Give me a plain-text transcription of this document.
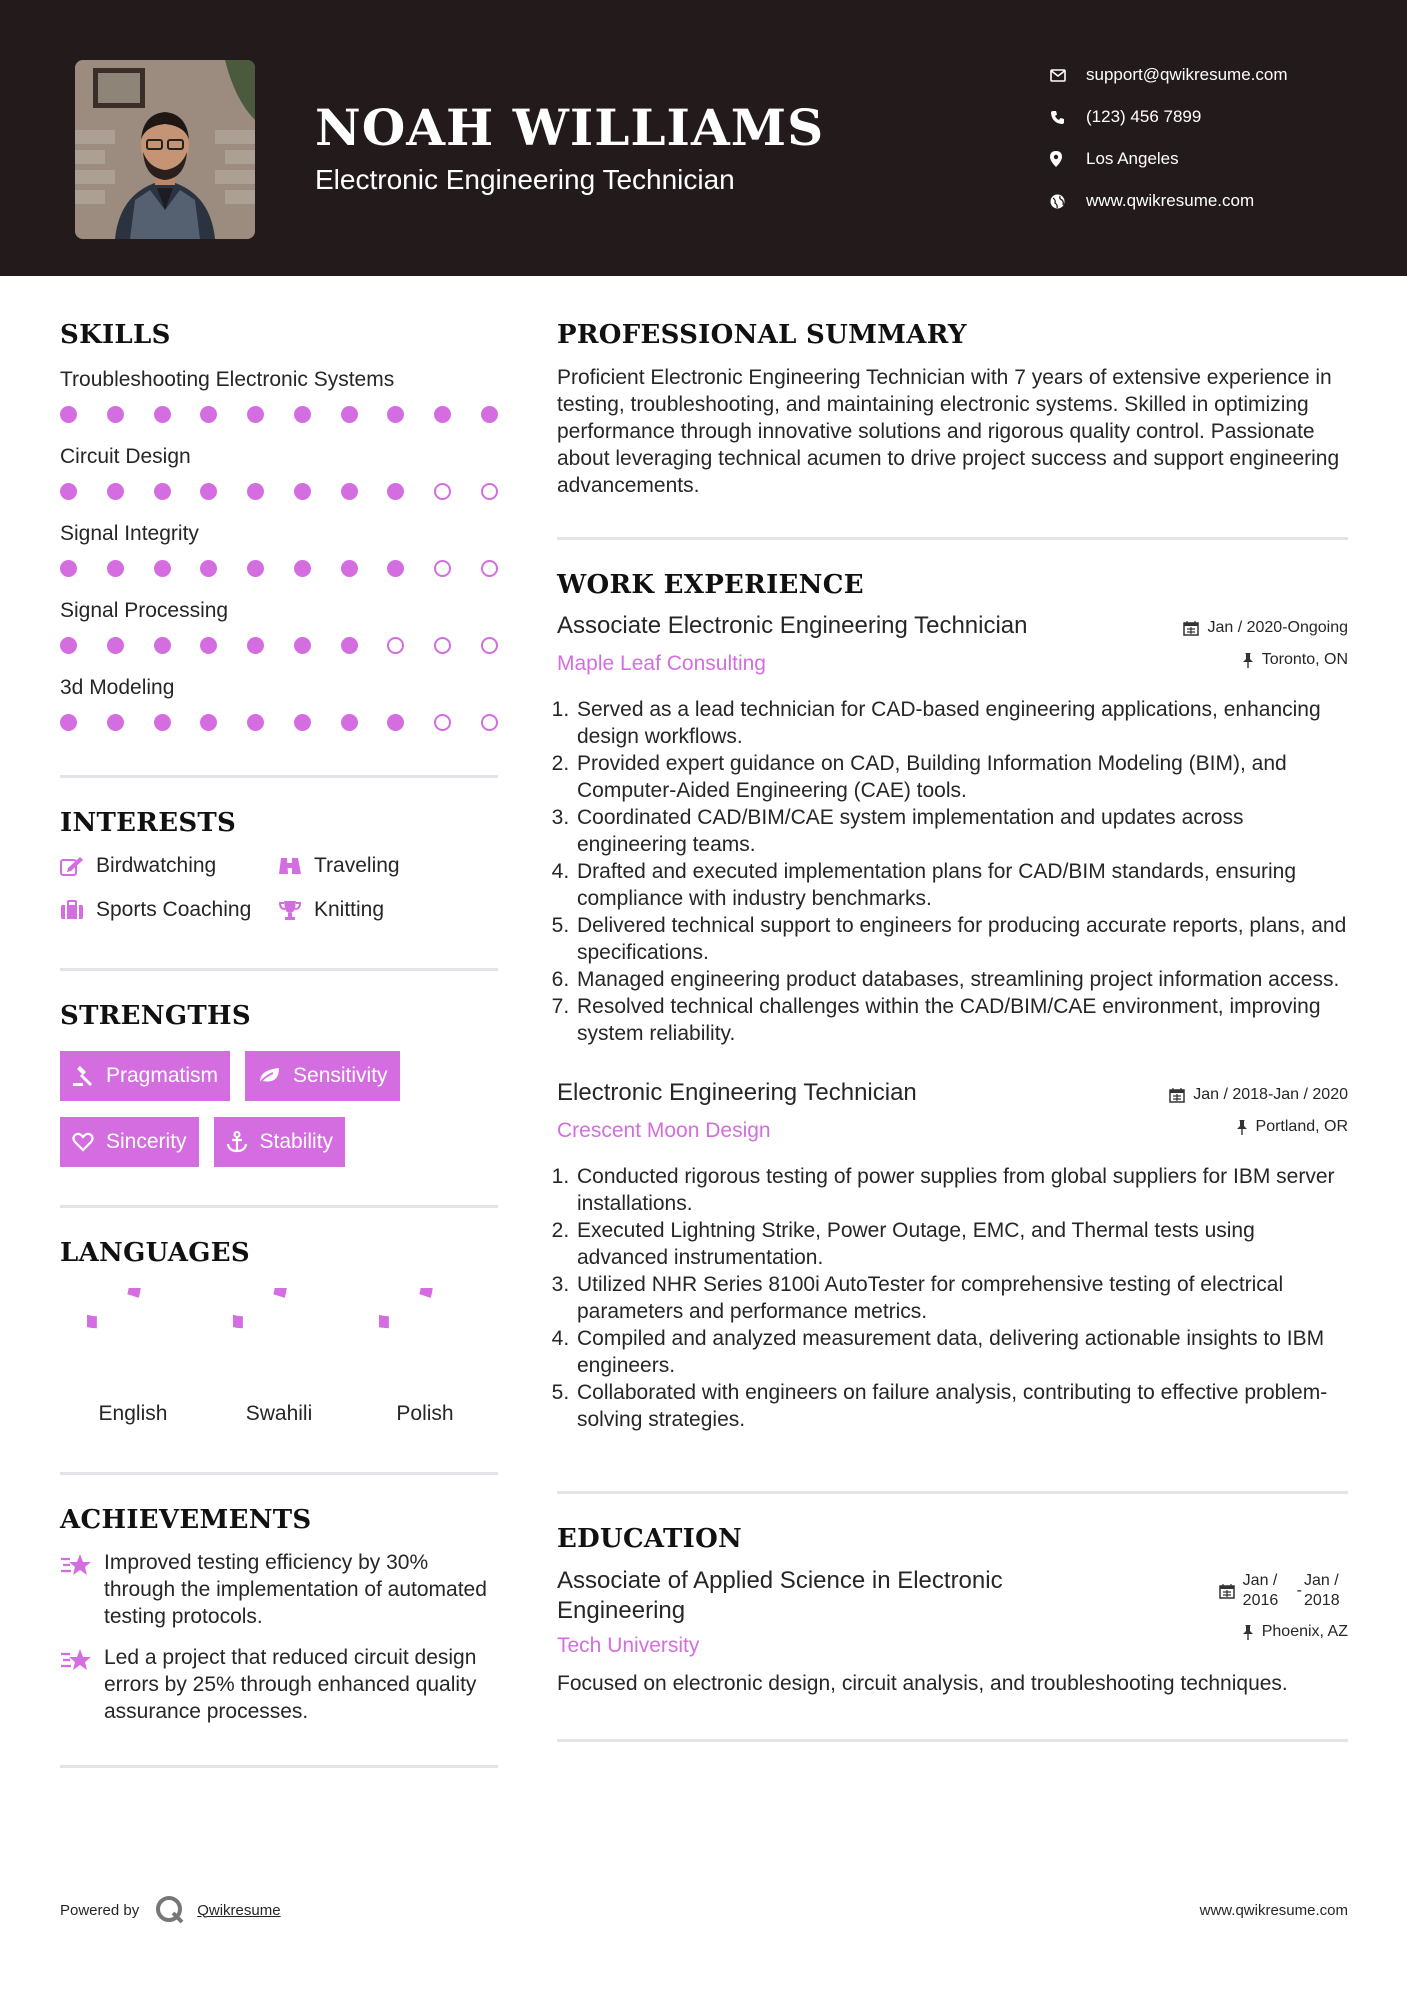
NOAH WILLIAMS
Electronic Engineering Technician
support@qwikresume.com
(123) 456 7899
Los Angeles
www.qwikresume.com
SKILLS
Troubleshooting Electronic Systems
Circuit Design
Signal Integrity
Signal Processing
3d Modeling
INTERESTS
Birdwatching	Traveling
Sports Coaching	Knitting
STRENGTHS
Pragmatism	Sensitivity
Sincerity	Stability
LANGUAGES
English	Swahili	Polish
ACHIEVEMENTS
Improved testing efficiency by 30% through the implementation of automated testing protocols.
Led a project that reduced circuit design errors by 25% through enhanced quality assurance processes.
PROFESSIONAL SUMMARY
Proficient Electronic Engineering Technician with 7 years of extensive experience in testing, troubleshooting, and maintaining electronic systems. Skilled in optimizing performance through innovative solutions and rigorous quality control. Passionate about leveraging technical acumen to drive project success and support engineering advancements.
WORK EXPERIENCE
Associate Electronic Engineering Technician
Maple Leaf Consulting
Jan / 2020-Ongoing
Toronto, ON
1. Served as a lead technician for CAD-based engineering applications, enhancing design workflows.
2. Provided expert guidance on CAD, Building Information Modeling (BIM), and Computer-Aided Engineering (CAE) tools.
3. Coordinated CAD/BIM/CAE system implementation and updates across engineering teams.
4. Drafted and executed implementation plans for CAD/BIM standards, ensuring compliance with industry benchmarks.
5. Delivered technical support to engineers for producing accurate reports, plans, and specifications.
6. Managed engineering product databases, streamlining project information access.
7. Resolved technical challenges within the CAD/BIM/CAE environment, improving system reliability.
Electronic Engineering Technician
Crescent Moon Design
Jan / 2018-Jan / 2020
Portland, OR
1. Conducted rigorous testing of power supplies from global suppliers for IBM server installations.
2. Executed Lightning Strike, Power Outage, EMC, and Thermal tests using advanced instrumentation.
3. Utilized NHR Series 8100i AutoTester for comprehensive testing of electrical parameters and performance metrics.
4. Compiled and analyzed measurement data, delivering actionable insights to IBM engineers.
5. Collaborated with engineers on failure analysis, contributing to effective problem-solving strategies.
EDUCATION
Associate of Applied Science in Electronic Engineering
Tech University
Jan / 2016
-
Jan / 2018
Phoenix, AZ
Focused on electronic design, circuit analysis, and troubleshooting techniques.
Powered by	Qwikresume	www.qwikresume.com
